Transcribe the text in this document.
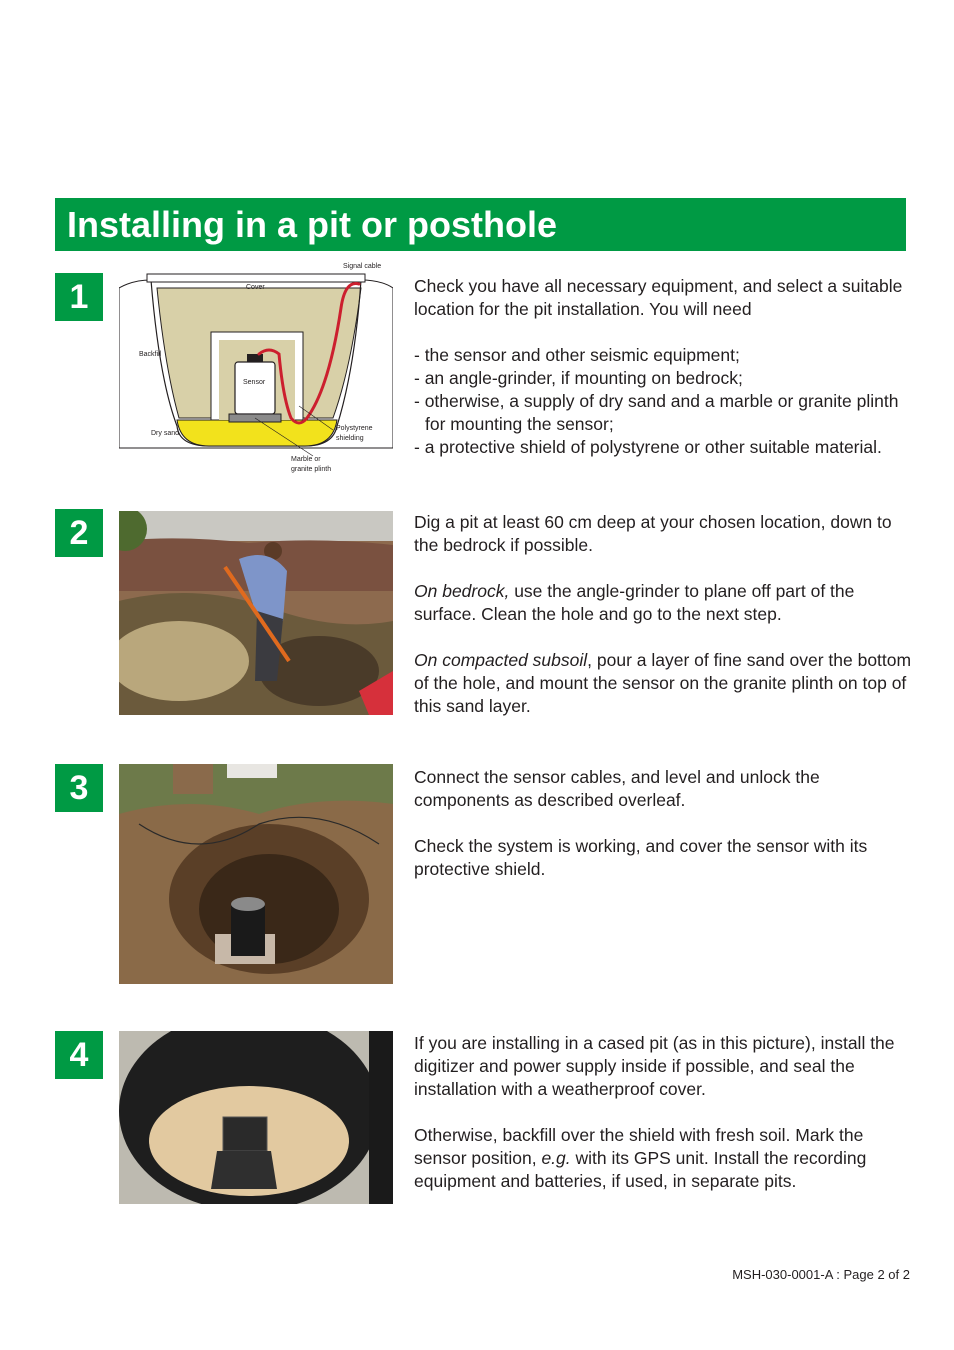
Installing in a pit or posthole
1
Signal cable
Cover
Backfill
Sensor
Dry sand
Polystyrene
shielding
Marble or
granite plinth

Check you have all necessary equipment, and select a suitable location for the pit installation. You will need

- the sensor and other seismic equipment;
- an angle-grinder, if mounting on bedrock;
- otherwise, a supply of dry sand and a marble or granite plinth for mounting the sensor;
- a protective shield of polystyrene or other suitable material.
2	Dig a pit at least 60 cm deep at your chosen location, down to the bedrock if possible.

On bedrock, use the angle-grinder to plane off part of the surface. Clean the hole and go to the next step.

On compacted subsoil, pour a layer of fine sand over the bottom of the hole, and mount the sensor on the granite plinth on top of this sand layer.

3	Connect the sensor cables, and level and unlock the components as described overleaf.

Check the system is working, and cover the sensor with its protective shield.

4	If you are installing in a cased pit (as in this picture), install the digitizer and power supply inside if possible, and seal the installation with a weatherproof cover.

Otherwise, backfill over the shield with fresh soil. Mark the sensor position, e.g. with its GPS unit. Install the recording equipment and batteries, if used, in separate pits.

MSH-030-0001-A : Page 2 of 2
